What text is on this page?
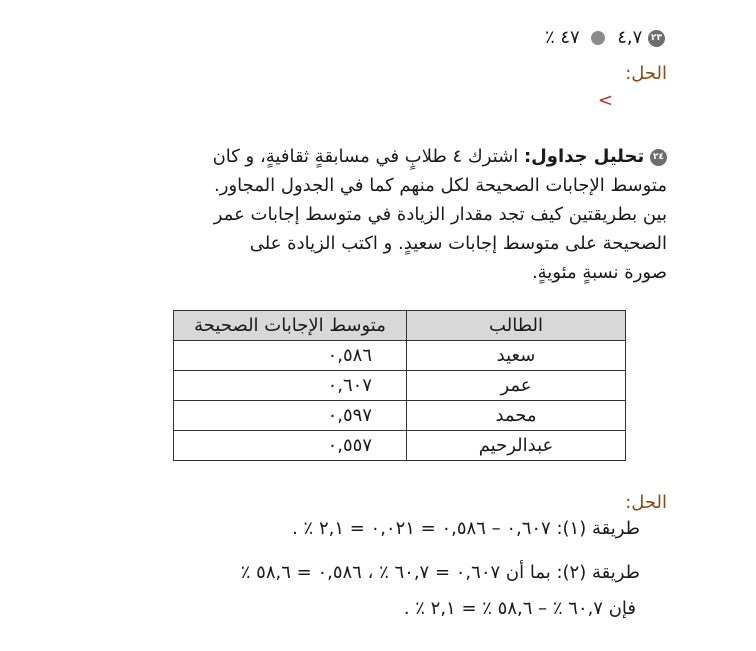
٢٣ ٤,٧  ٤٧ ٪
الحل:
<
٢٤ تحليل جداول: اشترك ٤ طلابٍ في مسابقةٍ ثقافيةٍ، و كان
متوسط الإجابات الصحيحة لكل منهم كما في الجدول المجاور.
بين بطريقتين كيف تجد مقدار الزيادة في متوسط إجابات عمر
الصحيحة على متوسط إجابات سعيدٍ. و اكتب الزيادة على
صورة نسبةٍ مئويةٍ.
الطالب	متوسط الإجابات الصحيحة
سعيد	٠,٥٨٦
عمر	٠,٦٠٧
محمد	٠,٥٩٧
عبدالرحيم	٠,٥٥٧
الحل:
طريقة (١): ٠,٦٠٧ – ٠,٥٨٦ = ٠,٠٢١ = ٢,١ ٪ .
طريقة (٢): بما أن ٠,٦٠٧ = ٦٠,٧ ٪ ، ٠,٥٨٦ = ٥٨,٦ ٪
فإن ٦٠,٧ ٪ – ٥٨,٦ ٪ = ٢,١ ٪ .
